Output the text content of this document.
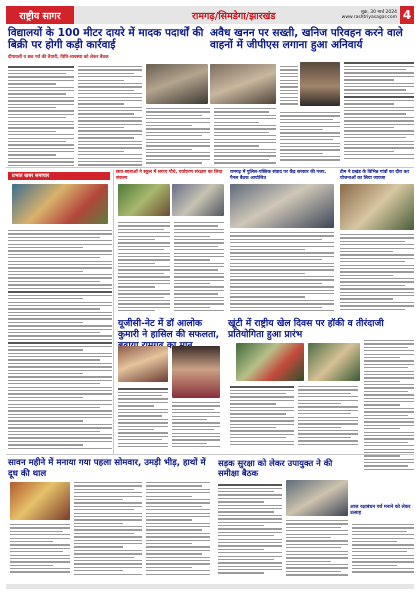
राष्ट्रीय सागर	रामगढ़/सिमडेगा/झारखंड	शुक्र, 30 मार्च 2024
www.rashtriyasagar.com 4
विद्यालयों के 100 मीटर दायरे में मादक पदार्थों की बिक्री पर होगी कड़ी कार्रवाई
दीपावली व छठ पर्व की तैयारी, विधि-व्यवस्था को लेकर बैठक
अवैध खनन पर सख्ती, खनिज परिवहन करने वाले वाहनों में जीपीएस लगाना हुआ अनिवार्य
प्रभात खबर समाचार
छात्र-छात्राओं ने स्कूल में लगाए पौधे, पर्यावरण संरक्षण का लिया संकल्प
रामगढ़ में पुलिस-पब्लिक संवाद पर केंद्र सरकार की नजर, पैनल बैठक आयोजित
टीम ने प्रखंड के विभिन्न गांवों का दौरा कर योजनाओं का लिया जायजा
यूजीसी-नेट में डॉ आलोक कुमारी ने हासिल की सफलता,
खूंटी में राष्ट्रीय खेल दिवस पर हॉकी व तीरंदाजी प्रतियोगिता हुआ प्रारंभ
सावन महीने में मनाया गया पहला सोमवार, उमड़ी भीड़, हाथों में दूध की थाल
सड़क सुरक्षा को लेकर उपायुक्त ने की समीक्षा बैठक
आज रक्षाबंधन पर्व मनाने को लेकर उत्साह
